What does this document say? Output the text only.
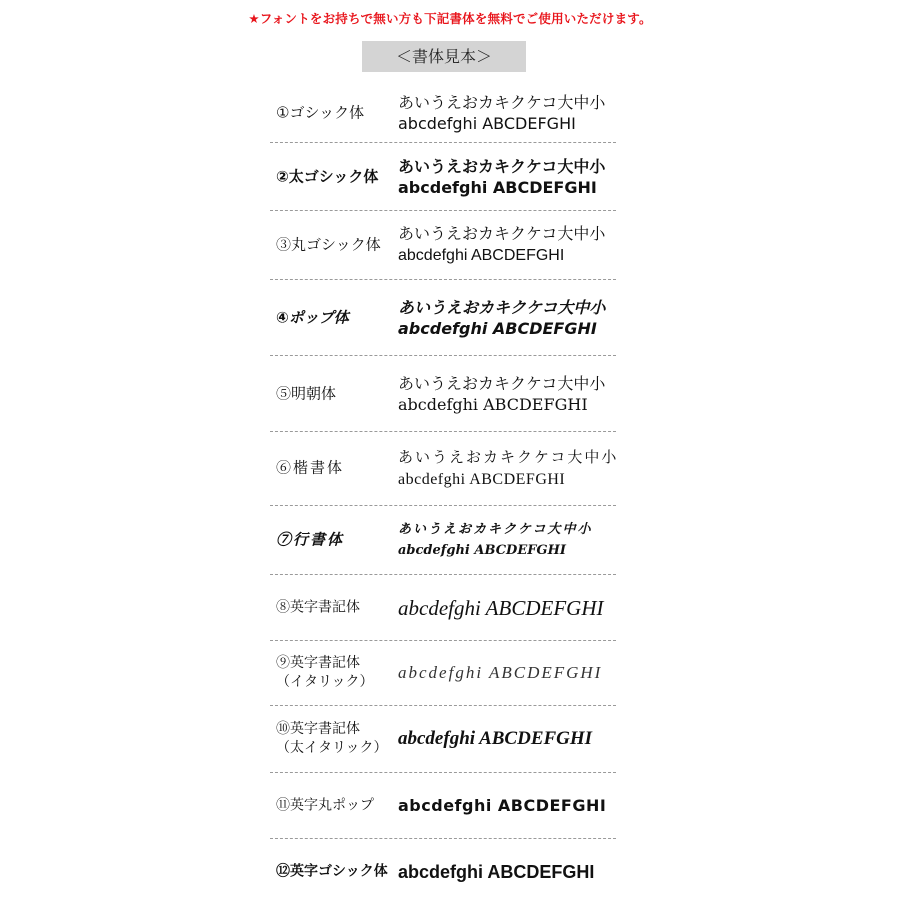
★フォントをお持ちで無い方も下記書体を無料でご使用いただけます。
＜書体見本＞
①ゴシック体
あいうえおカキクケコ大中小
abcdefghi ABCDEFGHI
②太ゴシック体
あいうえおカキクケコ大中小
abcdefghi ABCDEFGHI
③丸ゴシック体
あいうえおカキクケコ大中小
abcdefghi ABCDEFGHI
④ポップ体
あいうえおカキクケコ大中小
abcdefghi ABCDEFGHI
⑤明朝体
あいうえおカキクケコ大中小
abcdefghi ABCDEFGHI
⑥楷書体
あいうえおカキクケコ大中小
abcdefghi ABCDEFGHI
⑦行書体
あいうえおカキクケコ大中小
abcdefghi ABCDEFGHI
⑧英字書記体 abcdefghi ABCDEFGHI
⑨英字書記体
（イタリック） abcdefghi ABCDEFGHI
⑩英字書記体
（太イタリック） abcdefghi ABCDEFGHI
⑪英字丸ポップ abcdefghi ABCDEFGHI
⑫英字ゴシック体 abcdefghi ABCDEFGHI
